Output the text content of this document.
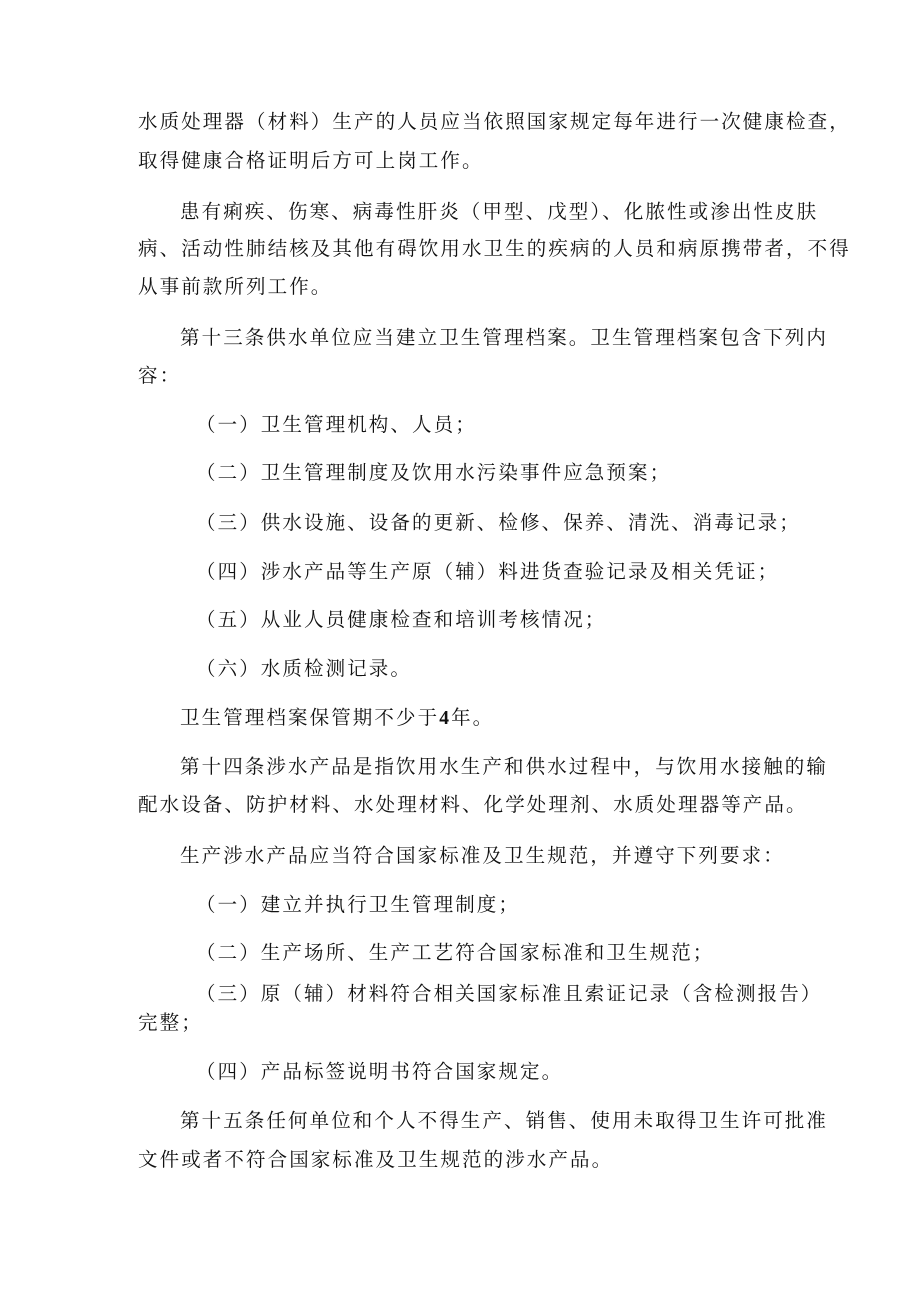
水质处理器（材料）生产的人员应当依照国家规定每年进行一次健康检查，
取得健康合格证明后方可上岗工作。
患有痢疾、伤寒、病毒性肝炎（甲型、戊型）、化脓性或渗出性皮肤
病、活动性肺结核及其他有碍饮用水卫生的疾病的人员和病原携带者，不得
从事前款所列工作。
第十三条供水单位应当建立卫生管理档案。卫生管理档案包含下列内
容：
（一）卫生管理机构、人员；
（二）卫生管理制度及饮用水污染事件应急预案；
（三）供水设施、设备的更新、检修、保养、清洗、消毒记录；
（四）涉水产品等生产原（辅）料进货查验记录及相关凭证；
（五）从业人员健康检查和培训考核情况；
（六）水质检测记录。
卫生管理档案保管期不少于4年。
第十四条涉水产品是指饮用水生产和供水过程中，与饮用水接触的输
配水设备、防护材料、水处理材料、化学处理剂、水质处理器等产品。
生产涉水产品应当符合国家标准及卫生规范，并遵守下列要求：
（一）建立并执行卫生管理制度；
（二）生产场所、生产工艺符合国家标准和卫生规范；
（三）原（辅）材料符合相关国家标准且索证记录（含检测报告）
完整；
（四）产品标签说明书符合国家规定。
第十五条任何单位和个人不得生产、销售、使用未取得卫生许可批准
文件或者不符合国家标准及卫生规范的涉水产品。
